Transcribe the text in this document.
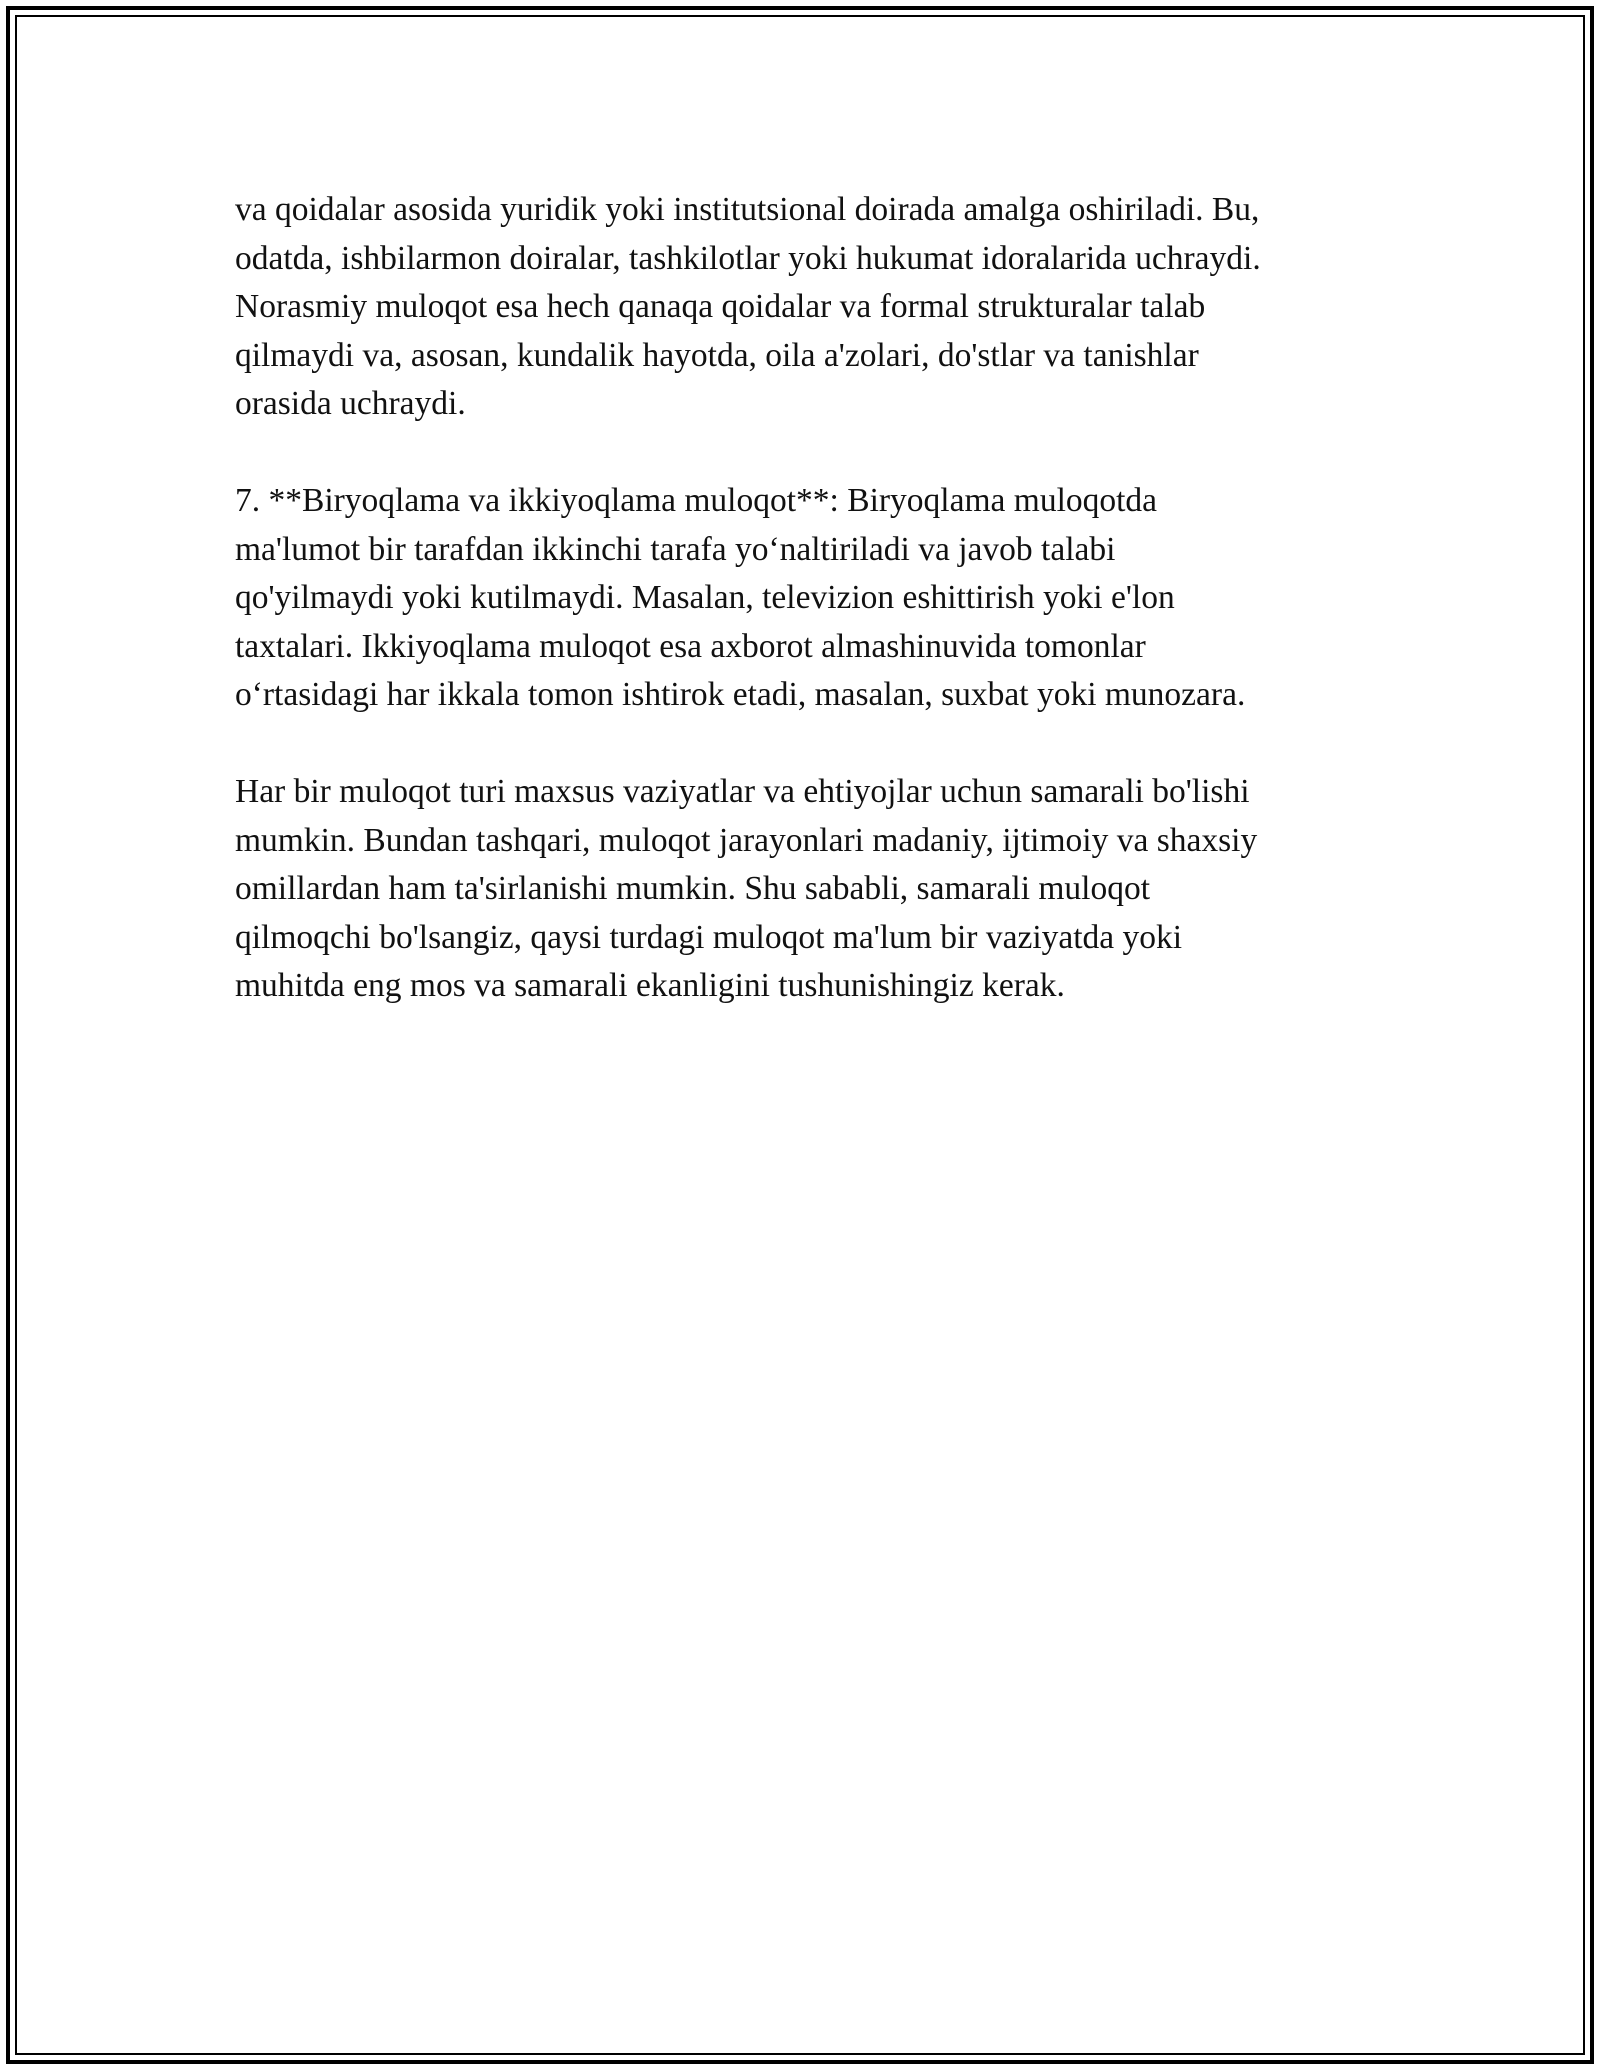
va qoidalar asosida yuridik yoki institutsional doirada amalga oshiriladi. Bu,
odatda, ishbilarmon doiralar, tashkilotlar yoki hukumat idoralarida uchraydi.
Norasmiy muloqot esa hech qanaqa qoidalar va formal strukturalar talab
qilmaydi va, asosan, kundalik hayotda, oila a'zolari, do'stlar va tanishlar
orasida uchraydi.

7. **Biryoqlama va ikkiyoqlama muloqot**: Biryoqlama muloqotda
ma'lumot bir tarafdan ikkinchi tarafa yo‘naltiriladi va javob talabi
qo'yilmaydi yoki kutilmaydi. Masalan, televizion eshittirish yoki e'lon
taxtalari. Ikkiyoqlama muloqot esa axborot almashinuvida tomonlar
o‘rtasidagi har ikkala tomon ishtirok etadi, masalan, suxbat yoki munozara.

Har bir muloqot turi maxsus vaziyatlar va ehtiyojlar uchun samarali bo'lishi
mumkin. Bundan tashqari, muloqot jarayonlari madaniy, ijtimoiy va shaxsiy
omillardan ham ta'sirlanishi mumkin. Shu sababli, samarali muloqot
qilmoqchi bo'lsangiz, qaysi turdagi muloqot ma'lum bir vaziyatda yoki
muhitda eng mos va samarali ekanligini tushunishingiz kerak.
